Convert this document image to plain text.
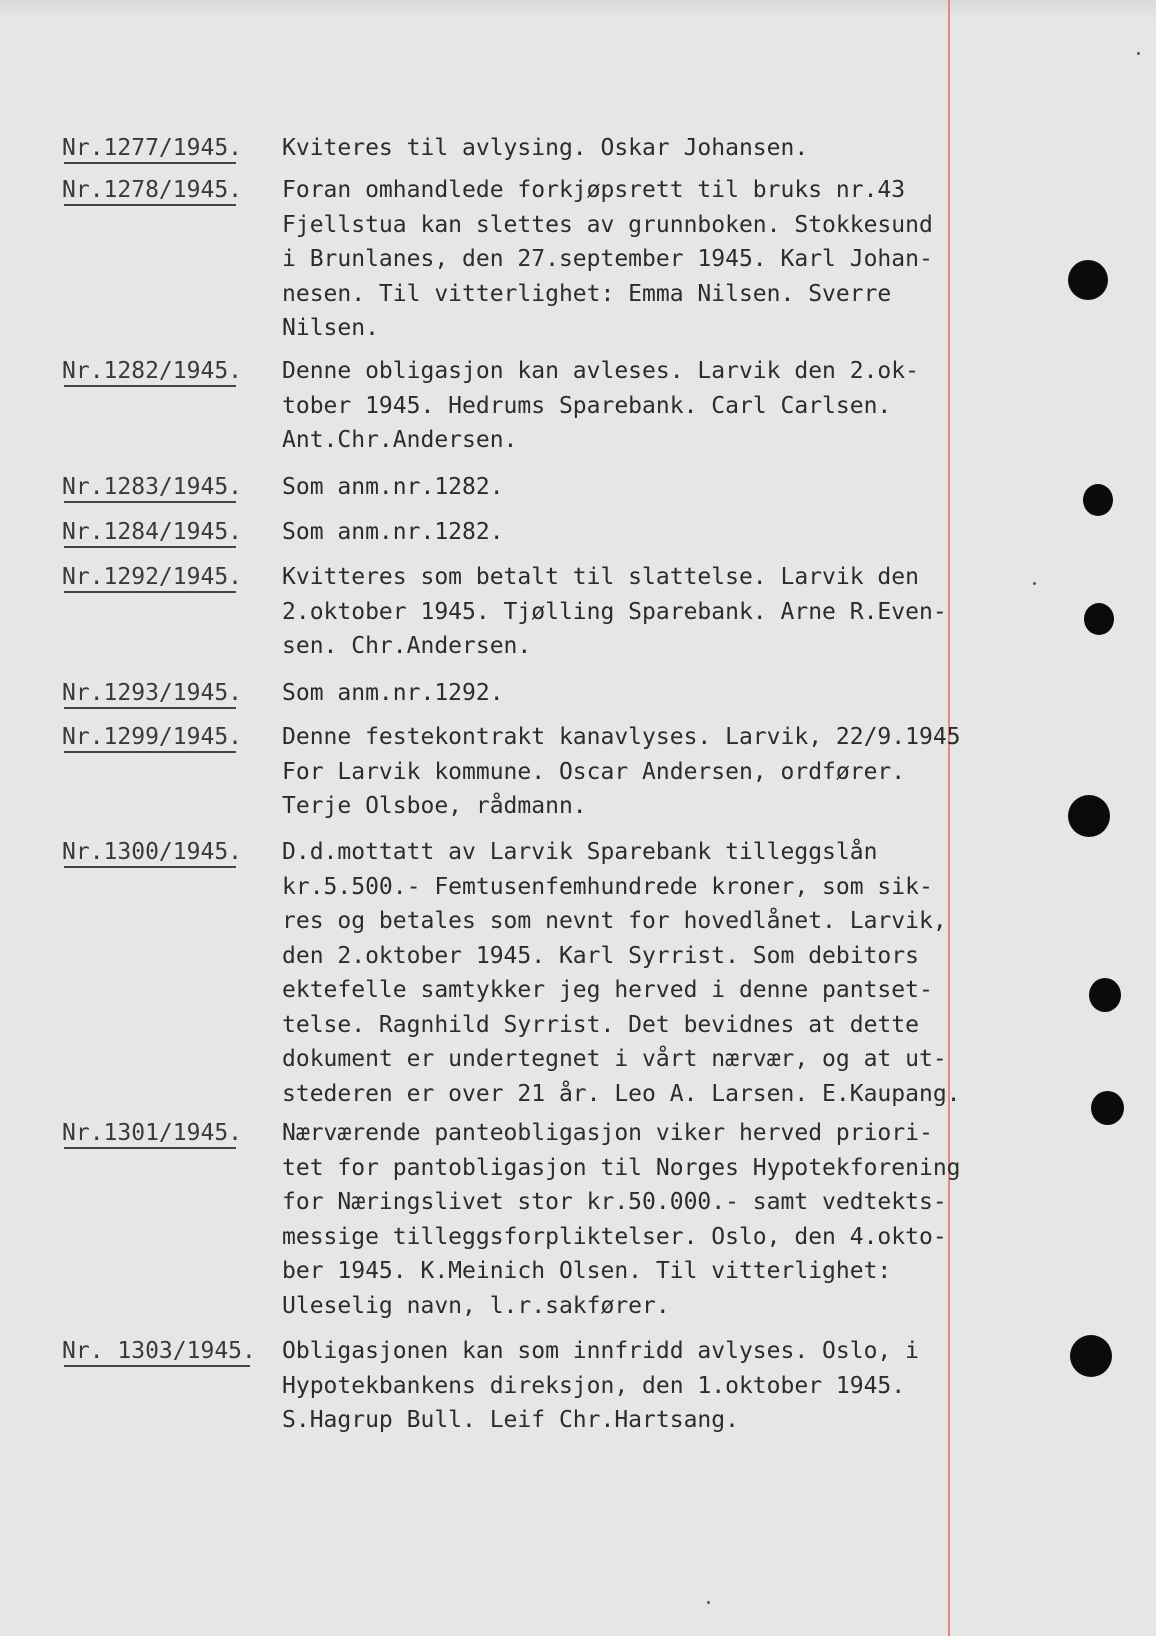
Nr.1277/1945. Kviteres til avlysing. Oskar Johansen.
Nr.1278/1945. Foran omhandlede forkjøpsrett til bruks nr.43
Fjellstua kan slettes av grunnboken. Stokkesund
i Brunlanes, den 27.september 1945. Karl Johan-
nesen. Til vitterlighet: Emma Nilsen. Sverre
Nilsen.
Nr.1282/1945. Denne obligasjon kan avleses. Larvik den 2.ok-
tober 1945. Hedrums Sparebank. Carl Carlsen.
Ant.Chr.Andersen.
Nr.1283/1945. Som anm.nr.1282.
Nr.1284/1945. Som anm.nr.1282.
Nr.1292/1945. Kvitteres som betalt til slattelse. Larvik den
2.oktober 1945. Tjølling Sparebank. Arne R.Even-
sen. Chr.Andersen.
Nr.1293/1945. Som anm.nr.1292.
Nr.1299/1945. Denne festekontrakt kanavlyses. Larvik, 22/9.1945
For Larvik kommune. Oscar Andersen, ordfører.
Terje Olsboe, rådmann.
Nr.1300/1945. D.d.mottatt av Larvik Sparebank tilleggslån
kr.5.500.- Femtusenfemhundrede kroner, som sik-
res og betales som nevnt for hovedlånet. Larvik,
den 2.oktober 1945. Karl Syrrist. Som debitors
ektefelle samtykker jeg herved i denne pantset-
telse. Ragnhild Syrrist. Det bevidnes at dette
dokument er undertegnet i vårt nærvær, og at ut-
stederen er over 21 år. Leo A. Larsen. E.Kaupang.
Nr.1301/1945. Nærværende panteobligasjon viker herved priori-
tet for pantobligasjon til Norges Hypotekforening
for Næringslivet stor kr.50.000.- samt vedtekts-
messige tilleggsforpliktelser. Oslo, den 4.okto-
ber 1945. K.Meinich Olsen. Til vitterlighet:
Uleselig navn, l.r.sakfører.
Nr. 1303/1945. Obligasjonen kan som innfridd avlyses. Oslo, i
Hypotekbankens direksjon, den 1.oktober 1945.
S.Hagrup Bull. Leif Chr.Hartsang.
